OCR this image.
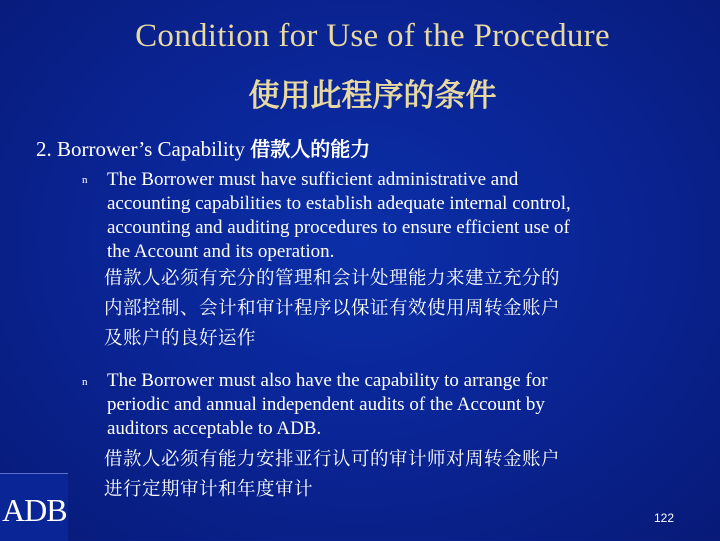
Condition for Use of the Procedure
使用此程序的条件
2. Borrower’s Capability 借款人的能力
n The Borrower must have sufficient administrative and
accounting capabilities to establish adequate internal control,
accounting and auditing procedures to ensure efficient use of
the Account and its operation.
借款人必须有充分的管理和会计处理能力来建立充分的
内部控制、会计和审计程序以保证有效使用周转金账户
及账户的良好运作
n The Borrower must also have the capability to arrange for
periodic and annual independent audits of the Account by
auditors acceptable to ADB.
借款人必须有能力安排亚行认可的审计师对周转金账户
进行定期审计和年度审计
ADB	122
